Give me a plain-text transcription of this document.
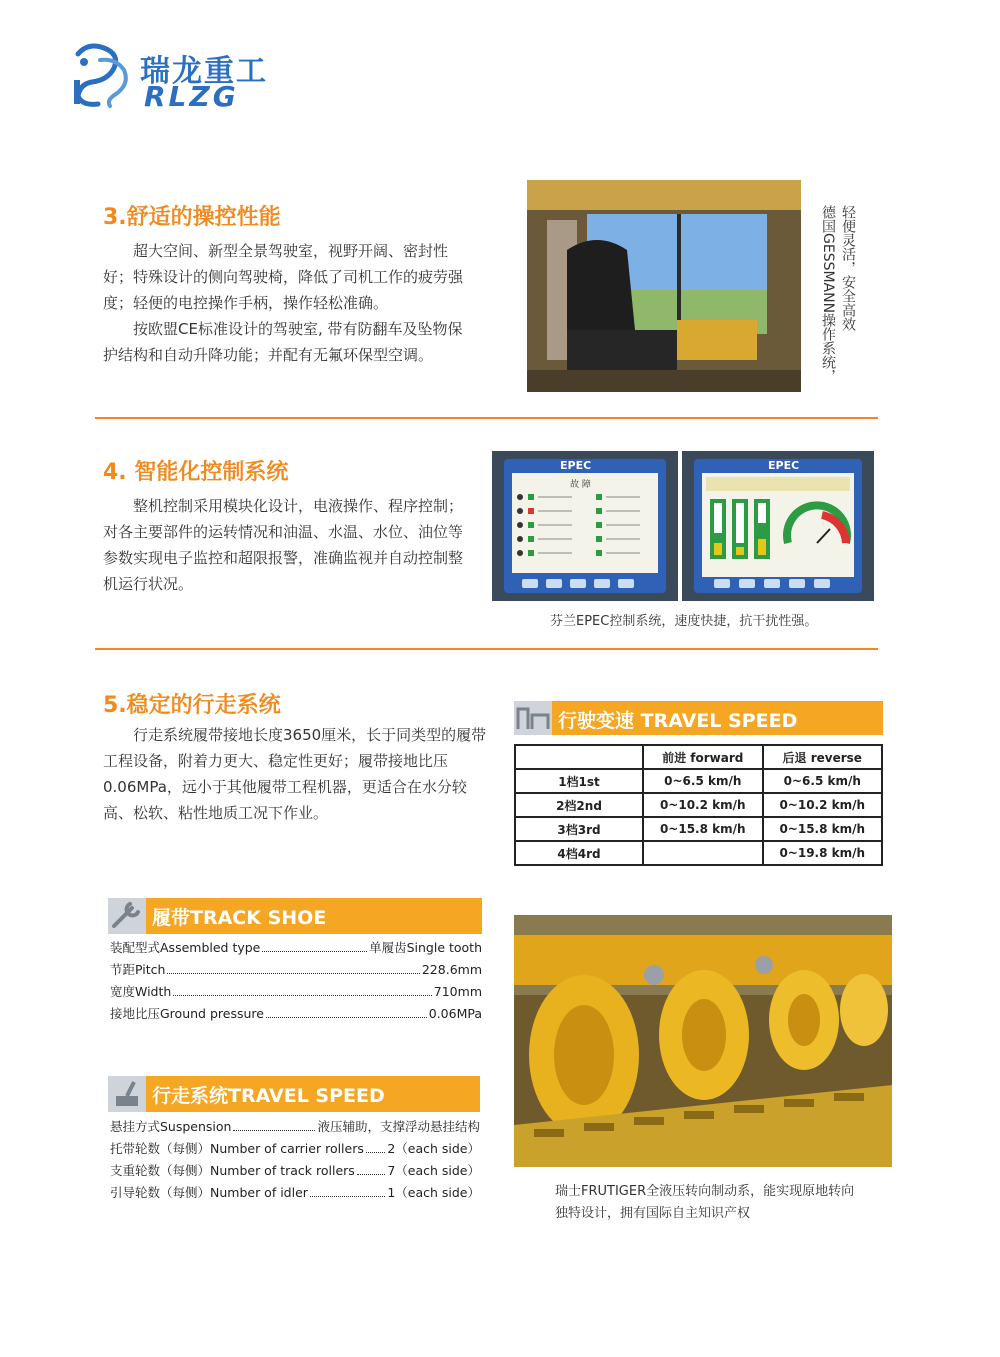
瑞龙重工
RLZG
3.舒适的操控性能

超大空间、新型全景驾驶室，视野开阔、密封性好；特殊设计的侧向驾驶椅，降低了司机工作的疲劳强度；轻便的电控操作手柄，操作轻松准确。

按欧盟CE标准设计的驾驶室, 带有防翻车及坠物保护结构和自动升降功能；并配有无氟环保型空调。

轻便灵活，安全高效
德国GESSMANN操作系统，
4. 智能化控制系统

整机控制采用模块化设计，电液操作、程序控制；对各主要部件的运转情况和油温、水温、水位、油位等参数实现电子监控和超限报警，准确监视并自动控制整机运行状况。

EPEC
故 障
EPEC
芬兰EPEC控制系统，速度快捷，抗干扰性强。
5.稳定的行走系统

行走系统履带接地长度3650厘米，长于同类型的履带工程设备，附着力更大、稳定性更好；履带接地比压0.06MPa，远小于其他履带工程机器，更适合在水分较高、松软、粘性地质工况下作业。

行驶变速 TRAVEL SPEED
	前进 forward	后退 reverse
1档1st	0~6.5 km/h	0~6.5 km/h
2档2nd	0~10.2 km/h	0~10.2 km/h
3档3rd	0~15.8 km/h	0~15.8 km/h
4档4rd		0~19.8 km/h
履带TRACK SHOE
装配型式Assembled type	单履齿Single tooth
节距Pitch	228.6mm
宽度Width	710mm
接地比压Ground pressure	0.06MPa
行走系统TRAVEL SPEED
悬挂方式Suspension	液压辅助，支撑浮动悬挂结构
托带轮数（每侧）Number of carrier rollers 2（each side）
支重轮数（每侧）Number of track rollers	7（each side）
引导轮数（每侧）Number of idler	1（each side）	瑞士FRUTIGER全液压转向制动系，能实现原地转向
独特设计，拥有国际自主知识产权
